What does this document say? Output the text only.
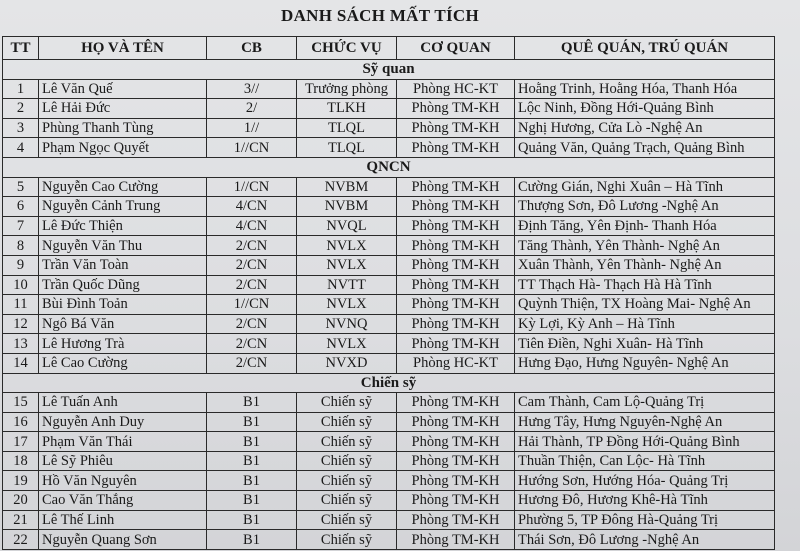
DANH SÁCH MẤT TÍCH
TT	HỌ VÀ TÊN	CB	CHỨC VỤ	CƠ QUAN	QUÊ QUÁN, TRÚ QUÁN
Sỹ quan					
1	Lê Văn Quế	3//	Trưởng phòng	Phòng HC-KT	Hoằng Trinh, Hoằng Hóa, Thanh Hóa
2	Lê Hải Đức	2/	TLKH	Phòng TM-KH	Lộc Ninh, Đồng Hới-Quảng Bình
3	Phùng Thanh Tùng	1//	TLQL	Phòng TM-KH	Nghị Hương, Cửa Lò -Nghệ An
4	Phạm Ngọc Quyết	1//CN	TLQL	Phòng TM-KH	Quảng Văn, Quảng Trạch, Quảng Bình
QNCN					
5	Nguyễn Cao Cường	1//CN	NVBM	Phòng TM-KH	Cường Gián, Nghi Xuân – Hà Tĩnh
6	Nguyễn Cảnh Trung	4/CN	NVBM	Phòng TM-KH	Thượng Sơn, Đô Lương -Nghệ An
7	Lê Đức Thiện	4/CN	NVQL	Phòng TM-KH	Định Tăng, Yên Định- Thanh Hóa
8	Nguyễn Văn Thu	2/CN	NVLX	Phòng TM-KH	Tăng Thành, Yên Thành- Nghệ An
9	Trần Văn Toàn	2/CN	NVLX	Phòng TM-KH	Xuân Thành, Yên Thành- Nghệ An
10	Trần Quốc Dũng	2/CN	NVTT	Phòng TM-KH	TT Thạch Hà- Thạch Hà Hà Tĩnh
11	Bùi Đình Toản	1//CN	NVLX	Phòng TM-KH	Quỳnh Thiện, TX Hoàng Mai- Nghệ An
12	Ngô Bá Văn	2/CN	NVNQ	Phòng TM-KH	Kỳ Lợi, Kỳ Anh – Hà Tĩnh
13	Lê Hương Trà	2/CN	NVLX	Phòng TM-KH	Tiên Điền, Nghi Xuân- Hà Tĩnh
14	Lê Cao Cường	2/CN	NVXD	Phòng HC-KT	Hưng Đạo, Hưng Nguyên- Nghệ An
Chiến sỹ					
15	Lê Tuấn Anh	B1	Chiến sỹ	Phòng TM-KH	Cam Thành, Cam Lộ-Quảng Trị
16	Nguyễn Anh Duy	B1	Chiến sỹ	Phòng TM-KH	Hưng Tây, Hưng Nguyên-Nghệ An
17	Phạm Văn Thái	B1	Chiến sỹ	Phòng TM-KH	Hải Thành, TP Đồng Hới-Quảng Bình
18	Lê Sỹ Phiêu	B1	Chiến sỹ	Phòng TM-KH	Thuần Thiện, Can Lộc- Hà Tĩnh
19	Hồ Văn Nguyên	B1	Chiến sỹ	Phòng TM-KH	Hướng Sơn, Hướng Hóa- Quảng Trị
20	Cao Văn Thắng	B1	Chiến sỹ	Phòng TM-KH	Hương Đô, Hương Khê-Hà Tĩnh
21	Lê Thế Linh	B1	Chiến sỹ	Phòng TM-KH	Phường 5, TP Đông Hà-Quảng Trị
22	Nguyễn Quang Sơn	B1	Chiến sỹ	Phòng TM-KH	Thái Sơn, Đô Lương -Nghệ An
